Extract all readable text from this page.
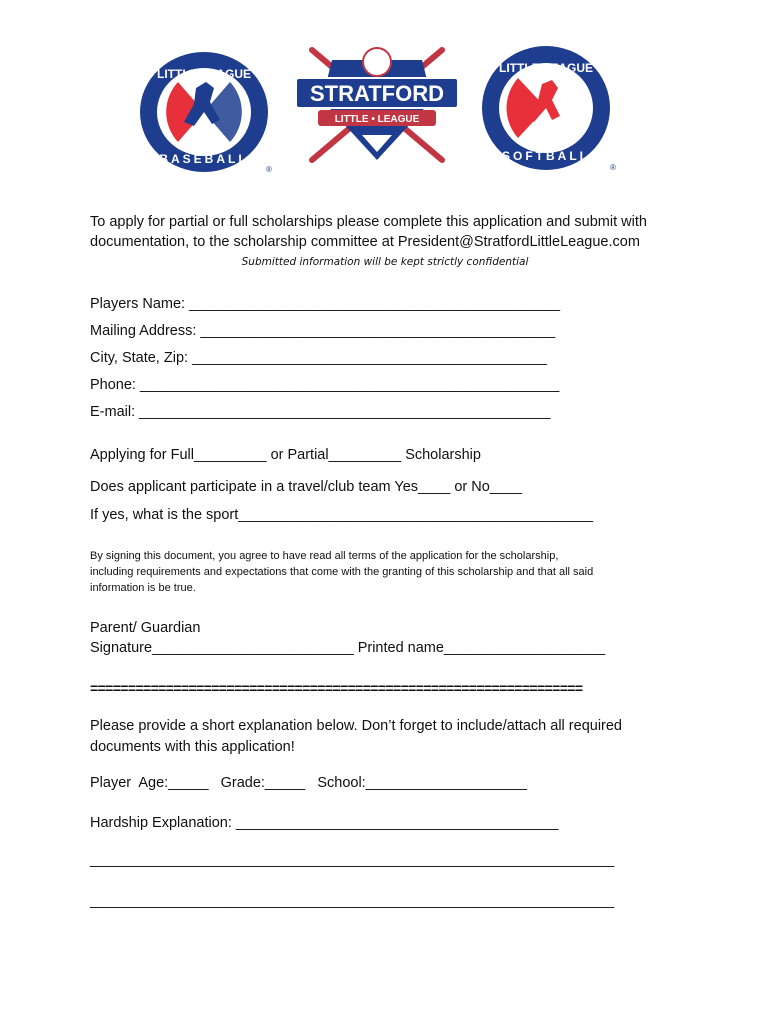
LITTLE LEAGUE
BASEBALL
®
STRATFORD
LITTLE • LEAGUE
LITTLE LEAGUE
SOFTBALL
®
To apply for partial or full scholarships please complete this application and submit with
documentation, to the scholarship committee at President@StratfordLittleLeague.com
Submitted information will be kept strictly confidential
Players Name: ______________________________________________
Mailing Address: ____________________________________________
City, State, Zip: ____________________________________________
Phone: ____________________________________________________
E-mail: ___________________________________________________
Applying for Full_________ or Partial_________ Scholarship
Does applicant participate in a travel/club team Yes____ or No____
If yes, what is the sport____________________________________________
By signing this document, you agree to have read all terms of the application for the scholarship,
including requirements and expectations that come with the granting of this scholarship and that all said
information is be true.
Parent/ Guardian
Signature_________________________ Printed name____________________
=================================================================
Please provide a short explanation below. Don’t forget to include/attach all required
documents with this application!
Player  Age:_____   Grade:_____   School:____________________
Hardship Explanation: ________________________________________
_________________________________________________________________
_________________________________________________________________
